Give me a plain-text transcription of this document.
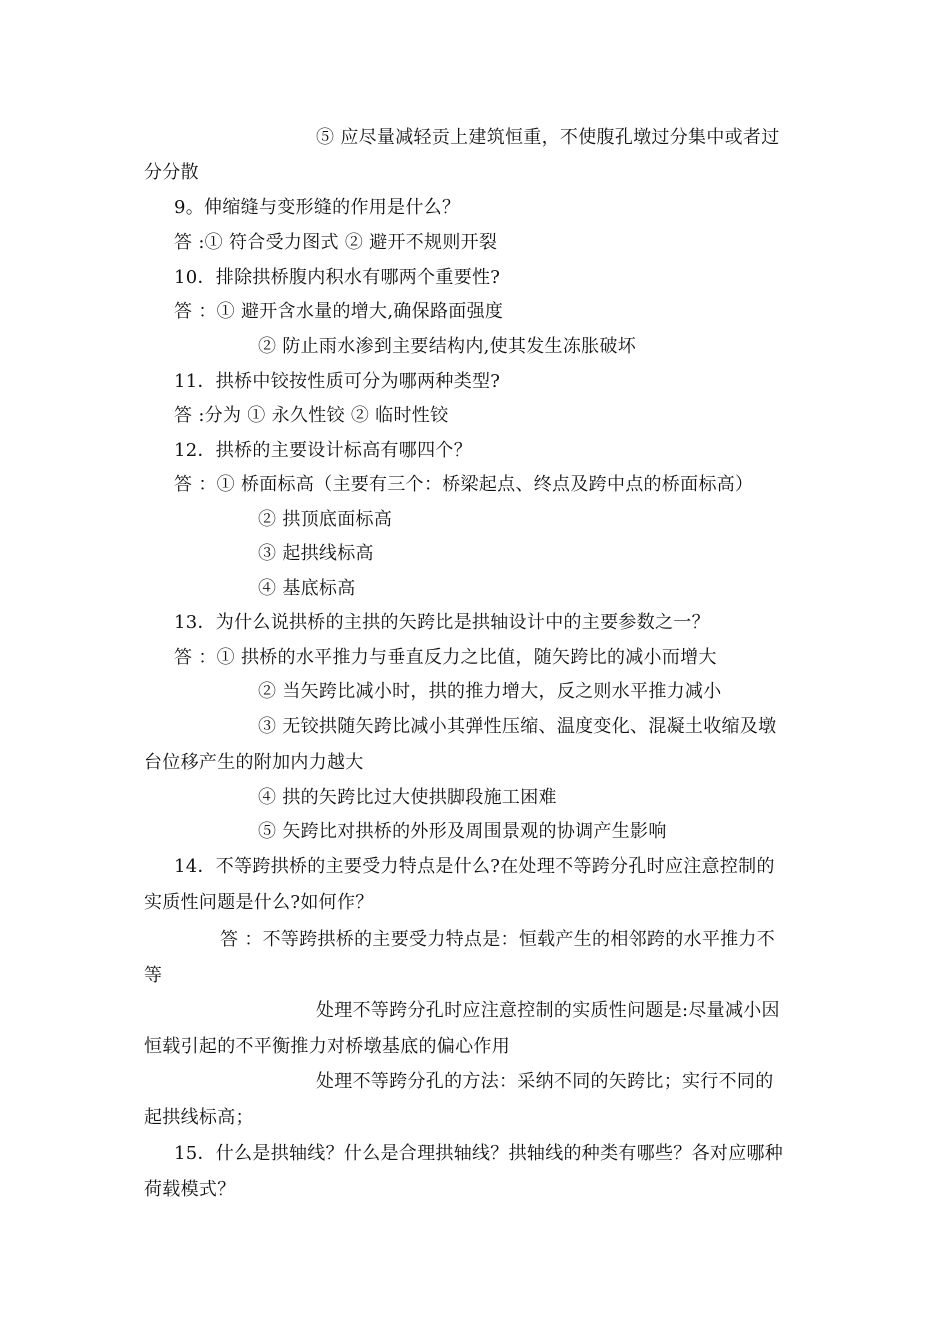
⑤ 应尽量减轻贡上建筑恒重，不使腹孔墩过分集中或者过
分分散
9。伸缩缝与变形缝的作用是什么？
答 :① 符合受力图式 ② 避开不规则开裂
10．排除拱桥腹内积水有哪两个重要性?
答 ：① 避开含水量的增大,确保路面强度
② 防止雨水渗到主要结构内,使其发生冻胀破坏
11．拱桥中铰按性质可分为哪两种类型?
答 :分为 ① 永久性铰 ② 临时性铰
12．拱桥的主要设计标高有哪四个？
答 ：① 桥面标高（主要有三个：桥梁起点、终点及跨中点的桥面标高）
② 拱顶底面标高
③ 起拱线标高
④ 基底标高
13．为什么说拱桥的主拱的矢跨比是拱轴设计中的主要参数之一？
答 ：① 拱桥的水平推力与垂直反力之比值，随矢跨比的减小而增大
② 当矢跨比减小时，拱的推力增大，反之则水平推力减小
③ 无铰拱随矢跨比减小其弹性压缩、温度变化、混凝土收缩及墩
台位移产生的附加内力越大
④ 拱的矢跨比过大使拱脚段施工困难
⑤ 矢跨比对拱桥的外形及周围景观的协调产生影响
14．不等跨拱桥的主要受力特点是什么?在处理不等跨分孔时应注意控制的
实质性问题是什么?如何作？
答 ：不等跨拱桥的主要受力特点是：恒载产生的相邻跨的水平推力不
等
处理不等跨分孔时应注意控制的实质性问题是:尽量减小因
恒载引起的不平衡推力对桥墩基底的偏心作用
处理不等跨分孔的方法：采纳不同的矢跨比；实行不同的
起拱线标高；
15．什么是拱轴线？什么是合理拱轴线？拱轴线的种类有哪些？各对应哪种
荷载模式？
